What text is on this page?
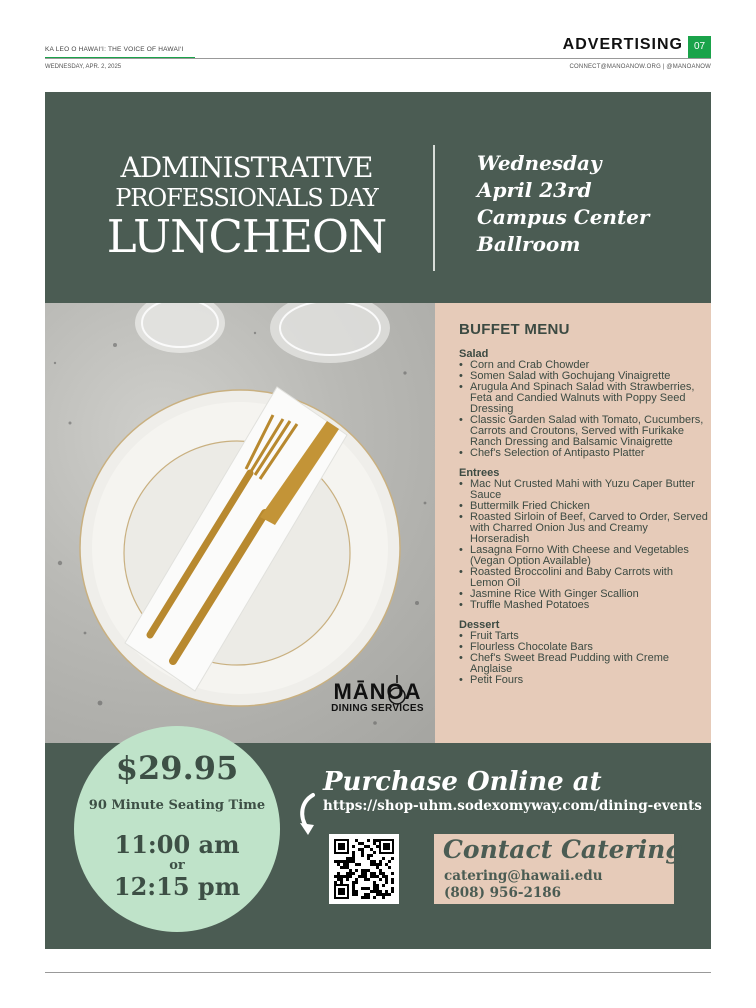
KA LEO O HAWAI‘I: THE VOICE OF HAWAI‘I
WEDNESDAY, APR. 2, 2025
ADVERTISING	07
CONNECT@MANOANOW.ORG | @MANOANOW
ADMINISTRATIVE
PROFESSIONALS DAY
LUNCHEON
Wednesday
April 23rd
Campus Center
Ballroom
MĀNOA
DINING SERVICES
BUFFET MENU
Salad
• Corn and Crab Chowder
• Somen Salad with Gochujang Vinaigrette
• Arugula And Spinach Salad with Strawberries, Feta and Candied Walnuts with Poppy Seed Dressing
• Classic Garden Salad with Tomato, Cucumbers, Carrots and Croutons, Served with Furikake Ranch Dressing and Balsamic Vinaigrette
• Chef's Selection of Antipasto Platter
Entrees
• Mac Nut Crusted Mahi with Yuzu Caper Butter Sauce
• Buttermilk Fried Chicken
• Roasted Sirloin of Beef, Carved to Order, Served with Charred Onion Jus and Creamy Horseradish
• Lasagna Forno With Cheese and Vegetables (Vegan Option Available)
• Roasted Broccolini and Baby Carrots with Lemon Oil
• Jasmine Rice With Ginger Scallion
• Truffle Mashed Potatoes
Dessert
• Fruit Tarts
• Flourless Chocolate Bars
• Chef's Sweet Bread Pudding with Creme Anglaise
• Petit Fours
$29.95
90 Minute Seating Time
11:00 am
or
12:15 pm
Purchase Online at
https://shop-uhm.sodexomyway.com/dining-events
Contact Catering
catering@hawaii.edu
(808) 956-2186
